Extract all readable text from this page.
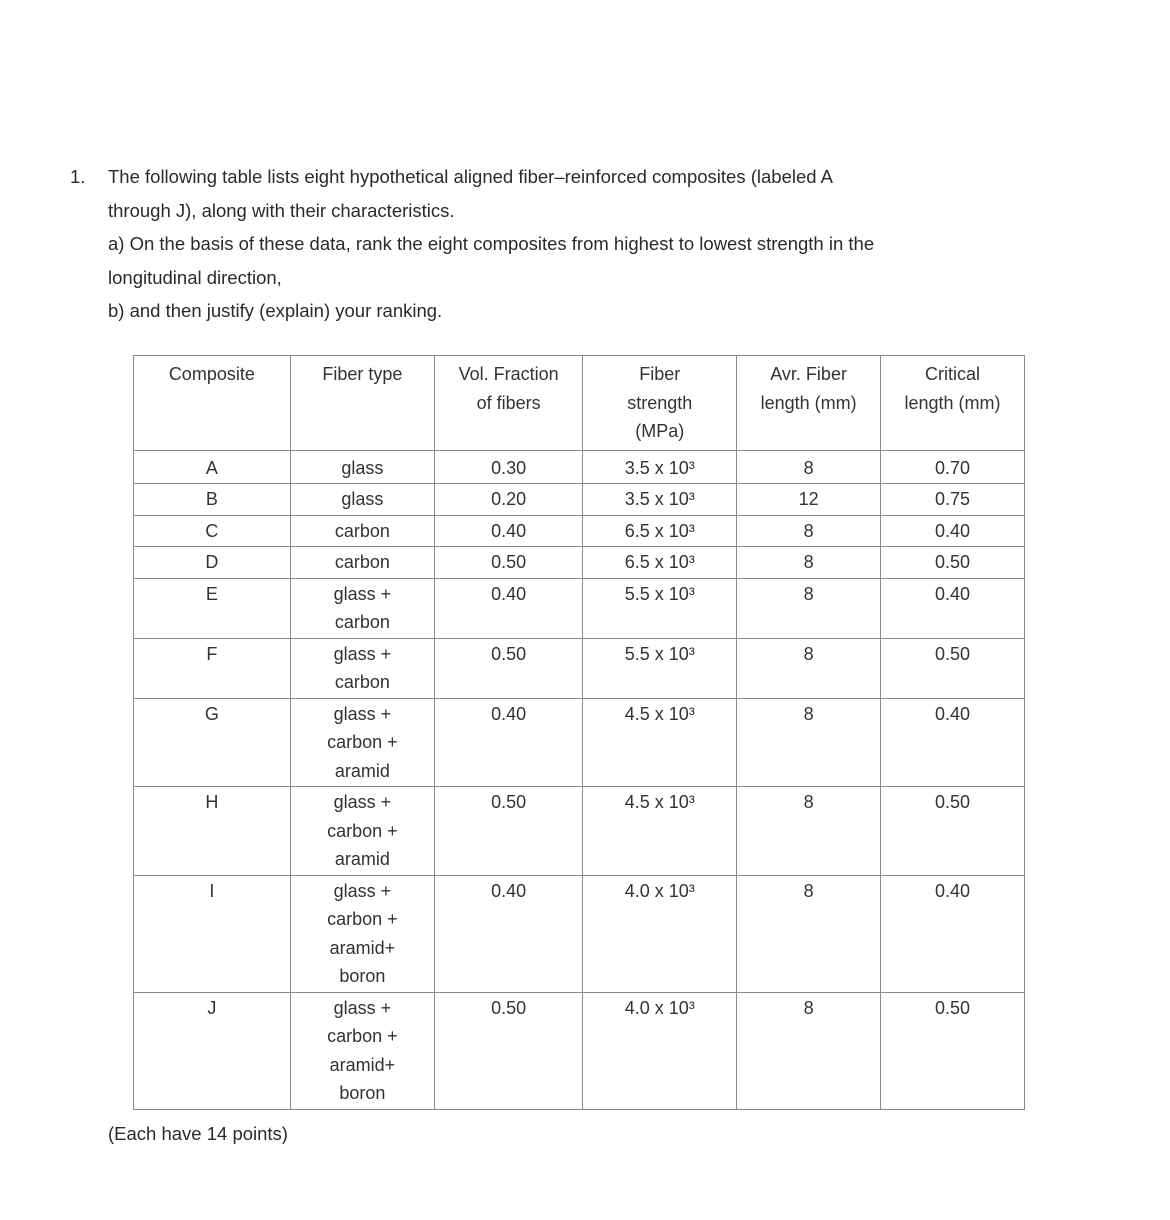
1. The following table lists eight hypothetical aligned fiber–reinforced composites (labeled A
through J), along with their characteristics.
a) On the basis of these data, rank the eight composites from highest to lowest strength in the
longitudinal direction,
b) and then justify (explain) your ranking.
Composite	Fiber type	Vol. Fraction
of fibers	Fiber
strength
(MPa)	Avr. Fiber
length (mm)	Critical
length (mm)

A	glass	0.30	3.5 x 10³	8	0.70
B	glass	0.20	3.5 x 10³	12	0.75
C	carbon	0.40	6.5 x 10³	8	0.40
D	carbon	0.50	6.5 x 10³	8	0.50
E	glass +
carbon	0.40	5.5 x 10³	8	0.40
F	glass +
carbon	0.50	5.5 x 10³	8	0.50
G	glass +
carbon +
aramid	0.40	4.5 x 10³	8	0.40
H	glass +
carbon +
aramid	0.50	4.5 x 10³	8	0.50
I	glass +
carbon +
aramid+
boron	0.40	4.0 x 10³	8	0.40
J	glass +
carbon +
aramid+
boron	0.50	4.0 x 10³	8	0.50
(Each have 14 points)
